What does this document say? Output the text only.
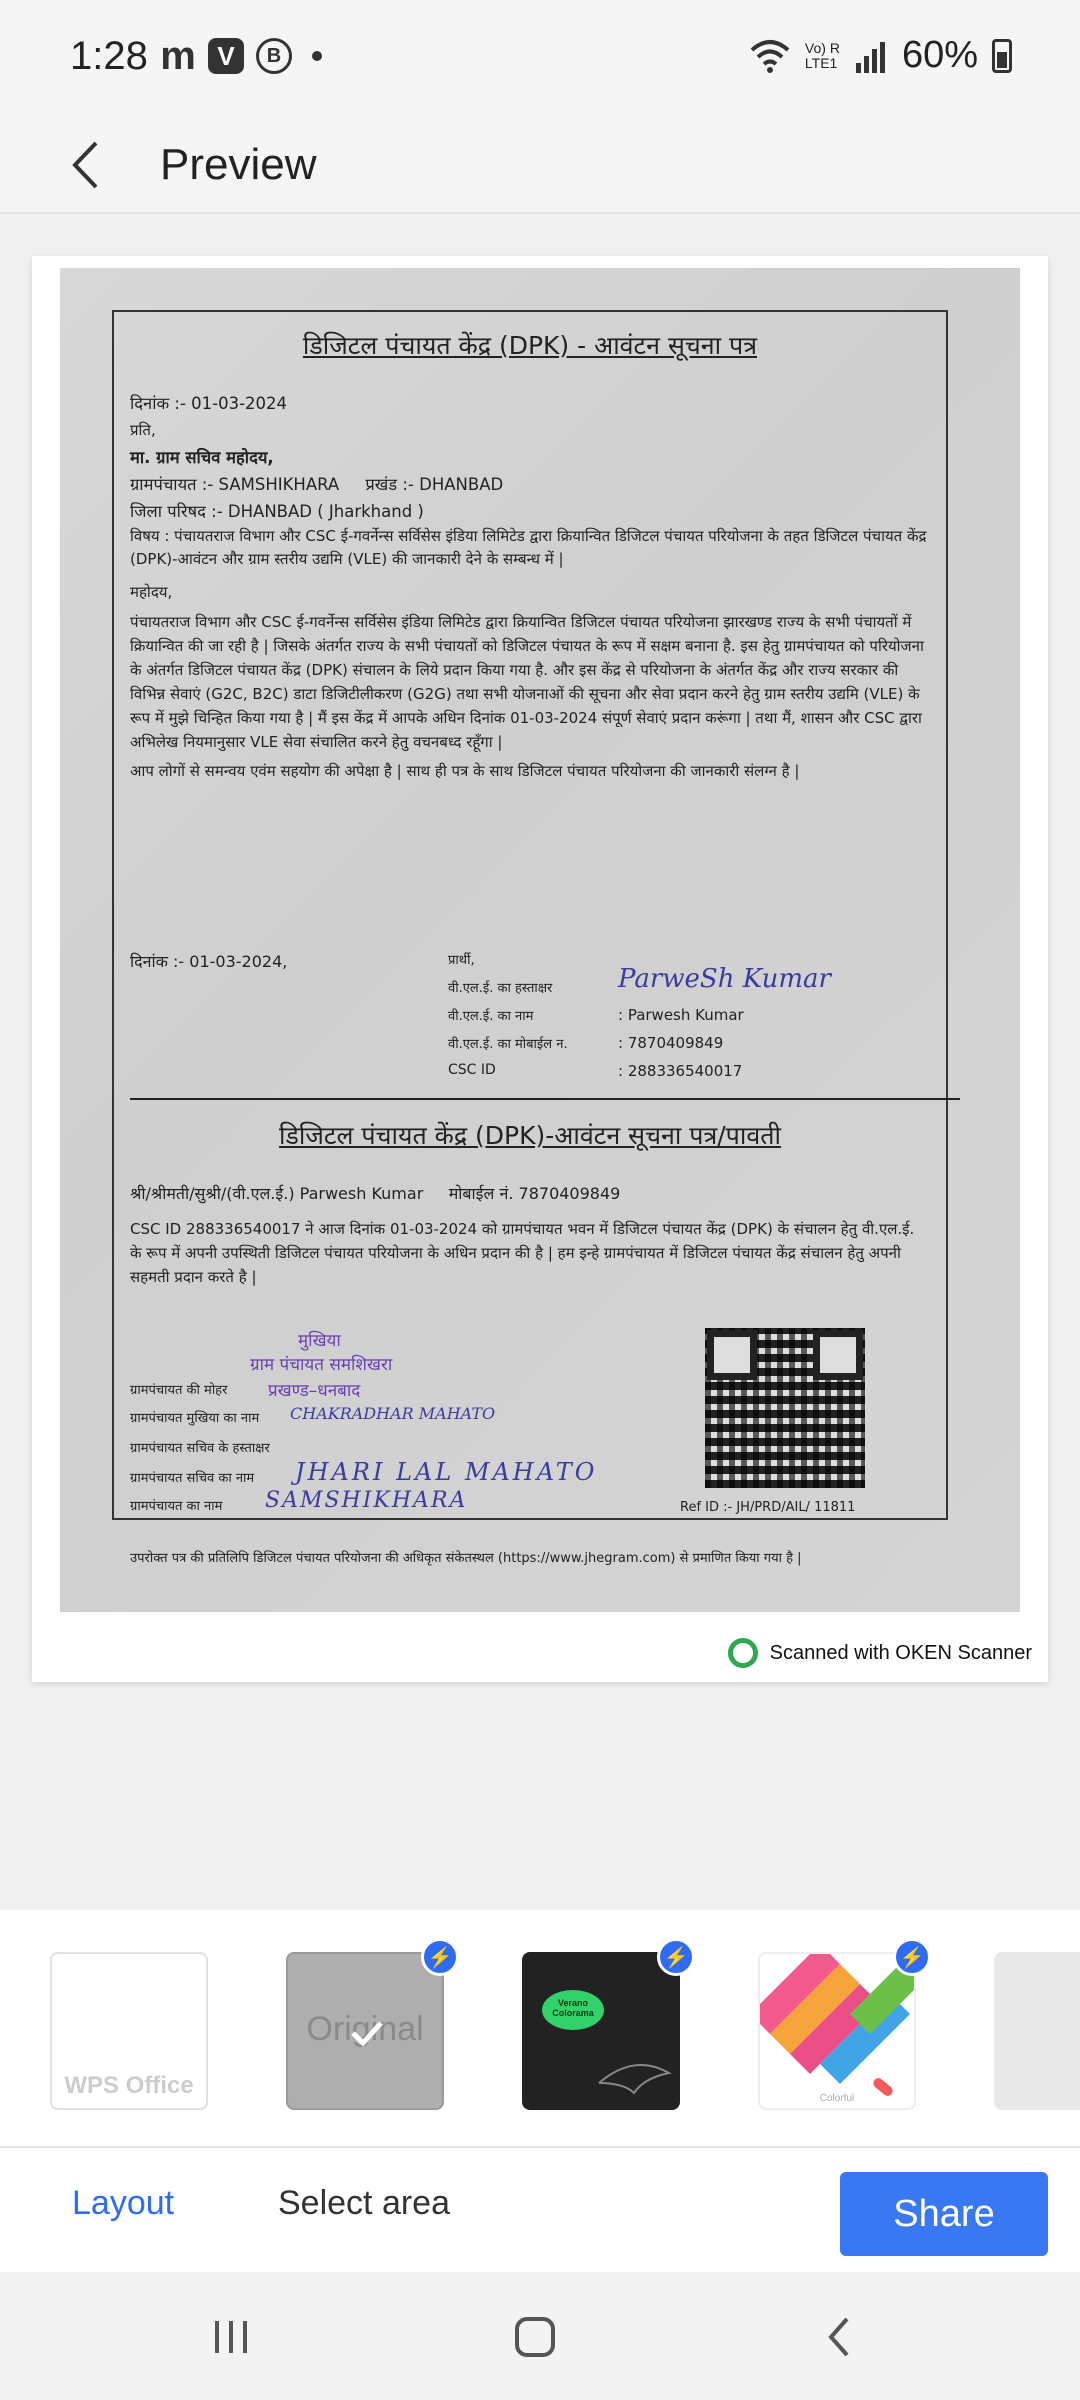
1:28 m V	B	Vo) R
LTE1 60%
Preview
डिजिटल पंचायत केंद्र (DPK) - आवंटन सूचना पत्र

दिनांक :- 01-03-2024

प्रति,

मा. ग्राम सचिव महोदय,

ग्रामपंचायत :- SAMSHIKHARA     प्रखंड :- DHANBAD

जिला परिषद :- DHANBAD ( Jharkhand )

विषय : पंचायतराज विभाग और CSC ई-गवर्नेन्स सर्विसेस इंडिया लिमिटेड द्वारा क्रियान्वित डिजिटल पंचायत परियोजना के तहत डिजिटल पंचायत केंद्र (DPK)-आवंटन और ग्राम स्तरीय उद्यमि (VLE) की जानकारी देने के सम्बन्ध में |

महोदय,

पंचायतराज विभाग और CSC ई-गवर्नेन्स सर्विसेस इंडिया लिमिटेड द्वारा क्रियान्वित डिजिटल पंचायत परियोजना झारखण्ड राज्य के सभी पंचायतों में क्रियान्वित की जा रही है | जिसके अंतर्गत राज्य के सभी पंचायतों को डिजिटल पंचायत के रूप में सक्षम बनाना है. इस हेतु ग्रामपंचायत को परियोजना के अंतर्गत डिजिटल पंचायत केंद्र (DPK) संचालन के लिये प्रदान किया गया है. और इस केंद्र से परियोजना के अंतर्गत केंद्र और राज्य सरकार की विभिन्न सेवाएं (G2C, B2C) डाटा डिजिटीलीकरण (G2G) तथा सभी योजनाओं की सूचना और सेवा प्रदान करने हेतु ग्राम स्तरीय उद्यमि (VLE) के रूप में मुझे चिन्हित किया गया है | मैं इस केंद्र में आपके अधिन दिनांक 01-03-2024 संपूर्ण सेवाएं प्रदान करूंगा | तथा मैं, शासन और CSC द्वारा अभिलेख नियमानुसार VLE सेवा संचालित करने हेतु वचनबध्द रहूँगा |

आप लोगों से समन्वय एवंम सहयोग की अपेक्षा है | साथ ही पत्र के साथ डिजिटल पंचायत परियोजना की जानकारी संलग्न है |

दिनांक :- 01-03-2024,	प्रार्थी,
वी.एल.ई. का हस्ताक्षर	ParweSh Kumar
वी.एल.ई. का नाम	: Parwesh Kumar
वी.एल.ई. का मोबाईल न.	: 7870409849
CSC ID	: 288336540017
डिजिटल पंचायत केंद्र (DPK)-आवंटन सूचना पत्र/पावती

श्री/श्रीमती/सुश्री/(वी.एल.ई.) Parwesh Kumar     मोबाईल नं. 7870409849

CSC ID 288336540017 ने आज दिनांक 01-03-2024 को ग्रामपंचायत भवन में डिजिटल पंचायत केंद्र (DPK) के संचालन हेतु वी.एल.ई. के रूप में अपनी उपस्थिती डिजिटल पंचायत परियोजना के अधिन प्रदान की है | हम इन्हे ग्रामपंचायत में डिजिटल पंचायत केंद्र संचालन हेतु अपनी सहमती प्रदान करते है |

मुखिया
ग्राम पंचायत समशिखरा
प्रखण्ड–धनबाद
ग्रामपंचायत की मोहर
ग्रामपंचायत मुखिया का नाम CHAKRADHAR MAHATO
ग्रामपंचायत सचिव के हस्ताक्षर
ग्रामपंचायत सचिव का नाम JHARI LAL MAHATO
ग्रामपंचायत का नाम SAMSHIKHARA	Ref ID :- JH/PRD/AIL/ 11811
उपरोक्त पत्र की प्रतिलिपि डिजिटल पंचायत परियोजना की अधिकृत संकेतस्थल (https://www.jhegram.com) से प्रमाणित किया गया है |
Scanned with OKEN Scanner
WPS Office
Original
⚡
Verano Colorama
⚡
Colorful
⚡
Layout	Select area	Share
